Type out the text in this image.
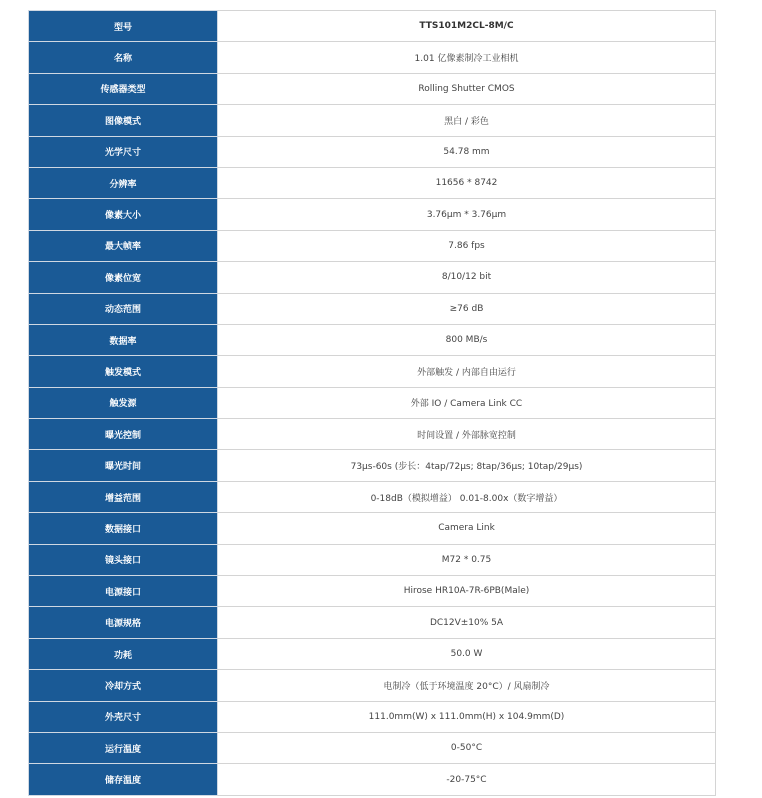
型号	TTS101M2CL-8M/C
名称	1.01 亿像素制冷工业相机
传感器类型	Rolling Shutter CMOS
图像模式	黑白 / 彩色
光学尺寸	54.78 mm
分辨率	11656 * 8742
像素大小	3.76μm * 3.76μm
最大帧率	7.86 fps
像素位宽	8/10/12 bit
动态范围	≥76 dB
数据率	800 MB/s
触发模式	外部触发 / 内部自由运行
触发源	外部 IO / Camera Link CC
曝光控制	时间设置 / 外部脉宽控制
曝光时间	73μs-60s (步长：4tap/72μs; 8tap/36μs; 10tap/29μs)
增益范围	0-18dB（模拟增益） 0.01-8.00x（数字增益）
数据接口	Camera Link
镜头接口	M72 * 0.75
电源接口	Hirose HR10A-7R-6PB(Male)
电源规格	DC12V±10% 5A
功耗	50.0 W
冷却方式	电制冷（低于环境温度 20°C）/ 风扇制冷
外壳尺寸	111.0mm(W) x 111.0mm(H) x 104.9mm(D)
运行温度	0-50°C
储存温度	-20-75°C
